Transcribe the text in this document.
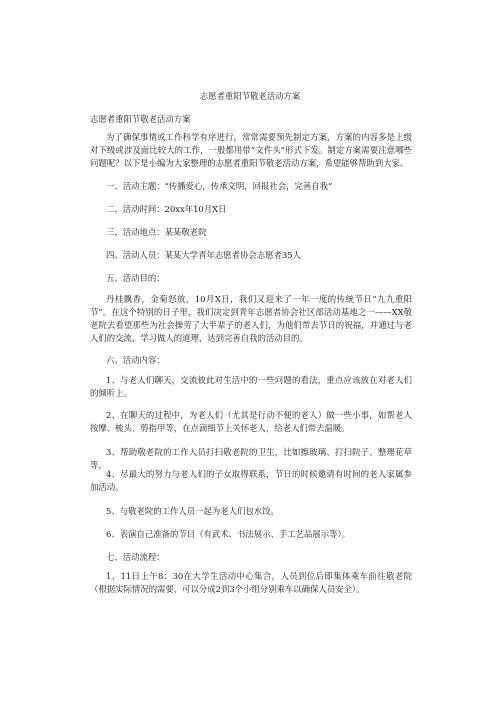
志愿者重阳节敬老活动方案

志愿者重阳节敬老活动方案

为了确保事情或工作科学有序进行，常常需要预先制定方案，方案的内容多是上级对下级或涉及面比较大的工作，一般都用带“文件头”形式下发。制定方案需要注意哪些问题呢？以下是小编为大家整理的志愿者重阳节敬老活动方案，希望能够帮助到大家。

一、活动主题：“传播爱心，传承文明，回报社会，完善自我”

二、活动时间：20xx年10月X日

三、活动地点：某某敬老院

四、活动人员：某某大学青年志愿者协会志愿者35人

五、活动目的：

丹桂飘香，金菊怒放，10月X日，我们又迎来了一年一度的传统节日“九九重阳节”。在这个特别的日子里，我们决定到青年志愿者协会社区部活动基地之一——XX敬老院去看望那些为社会操劳了大半辈子的老人们，为他们带去节日的祝福，并通过与老人们的交流，学习做人的道理，达到完善自我的活动目的。

六、活动内容：

1、与老人们聊天，交流彼此对生活中的一些问题的看法，重点应该放在对老人们的倾听上。

2、在聊天的过程中，为老人们（尤其是行动不便的老人）做一些小事，如帮老人按摩、梳头、剪指甲等，在点滴细节上关怀老人，给老人们带去温暖。

3、帮助敬老院的工作人员打扫敬老院的卫生，比如擦玻璃、打扫院子、整理花草等。

4、尽最大的努力与老人们的子女取得联系，节日的时候邀请有时间的老人家属参加活动。

5、与敬老院的工作人员一起为老人们包水饺。

6、表演自己准备的节目（有武术、书法展示、手工艺品展示等）。

七、活动流程：

1、11日上午8：30在大学生活动中心集合，人员到位后即集体乘车前往敬老院（根据实际情况的需要，可以分成2到3个小组分别乘车以确保人员安全）。
